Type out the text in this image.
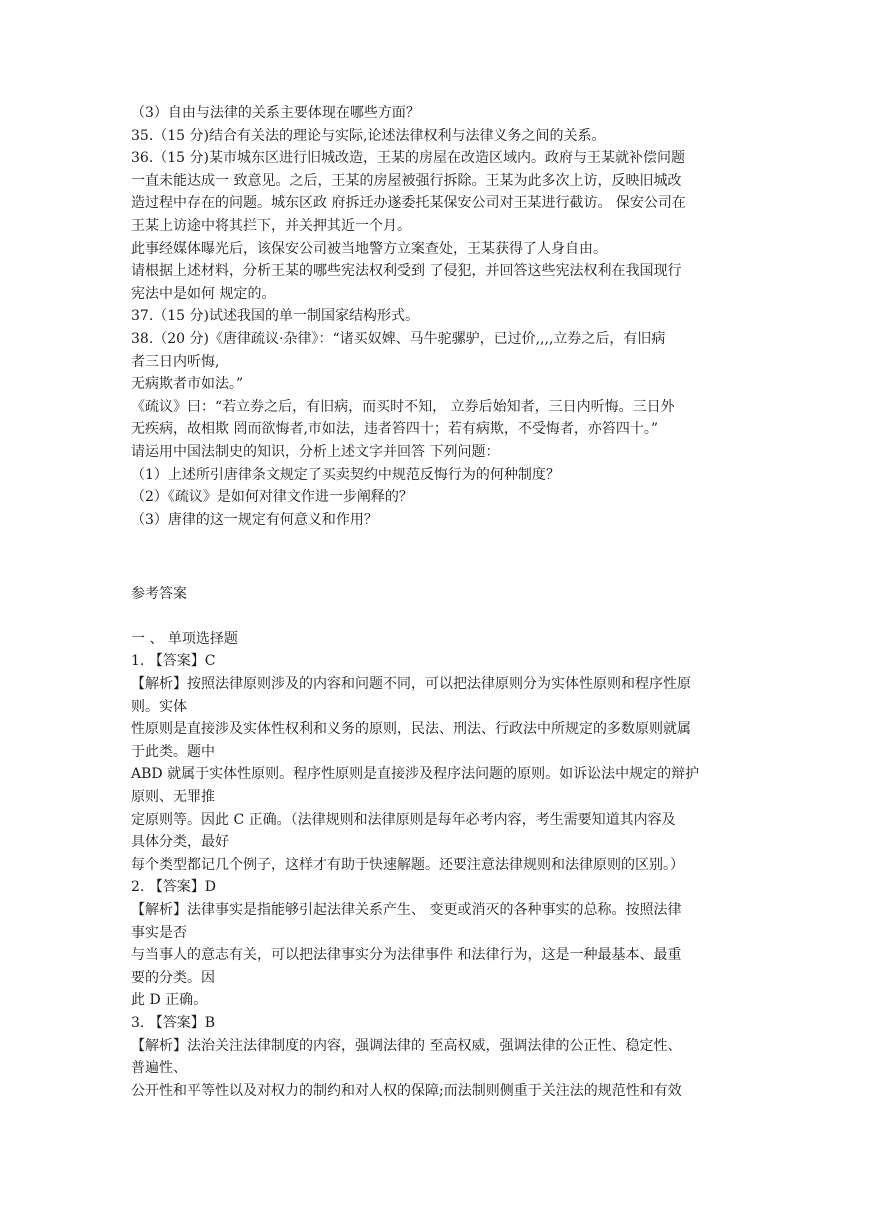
（3）自由与法律的关系主要体现在哪些方面？
35.（15 分)结合有关法的理论与实际,论述法律权利与法律义务之间的关系。
36.（15 分)某市城东区进行旧城改造，王某的房屋在改造区域内。政府与王某就补偿问题
一直未能达成一 致意见。之后，王某的房屋被强行拆除。王某为此多次上访，反映旧城改
造过程中存在的问题。城东区政 府拆迁办遂委托某保安公司对王某进行截访。 保安公司在
王某上访途中将其拦下，并关押其近一个月。
此事经媒体曝光后，该保安公司被当地警方立案查处，王某获得了人身自由。
请根据上述材料，分析王某的哪些宪法权利受到 了侵犯，并回答这些宪法权利在我国现行
宪法中是如何 规定的。
37.（15 分)试述我国的单一制国家结构形式。
38.（20 分)《唐律疏议·杂律》：“诸买奴婢、马牛驼骡驴，已过价,,,,立券之后，有旧病
者三日内听悔,
无病欺者市如法。”
《疏议》曰：“若立券之后，有旧病，而买时不知， 立券后始知者，三日内听悔。三日外
无疾病，故相欺 罔而欲悔者,市如法，违者笞四十；若有病欺，不受悔者，亦笞四十。”
请运用中国法制史的知识，分析上述文字并回答 下列问题：
（1）上述所引唐律条文规定了买卖契约中规范反悔行为的何种制度？
（2）《疏议》是如何对律文作进一步阐释的？
（3）唐律的这一规定有何意义和作用？
参考答案
一 、 单项选择题
1. 【答案】C
【解析】按照法律原则涉及的内容和问题不同，可以把法律原则分为实体性原则和程序性原
则。实体
性原则是直接涉及实体性权利和义务的原则，民法、刑法、行政法中所规定的多数原则就属
于此类。题中
ABD 就属于实体性原则。程序性原则是直接涉及程序法问题的原则。如诉讼法中规定的辩护
原则、无罪推
定原则等。因此 C 正确。（法律规则和法律原则是每年必考内容，考生需要知道其内容及
具体分类，最好
每个类型都记几个例子，这样才有助于快速解题。还要注意法律规则和法律原则的区别。）
2. 【答案】D
【解析】法律事实是指能够引起法律关系产生、 变更或消灭的各种事实的总称。按照法律
事实是否
与当事人的意志有关，可以把法律事实分为法律事件 和法律行为，这是一种最基本、最重
要的分类。因
此 D 正确。
3. 【答案】B
【解析】法治关注法律制度的内容，强调法律的 至高权威，强调法律的公正性、稳定性、
普遍性、
公开性和平等性以及对权力的制约和对人权的保障;而法制则侧重于关注法的规范性和有效
